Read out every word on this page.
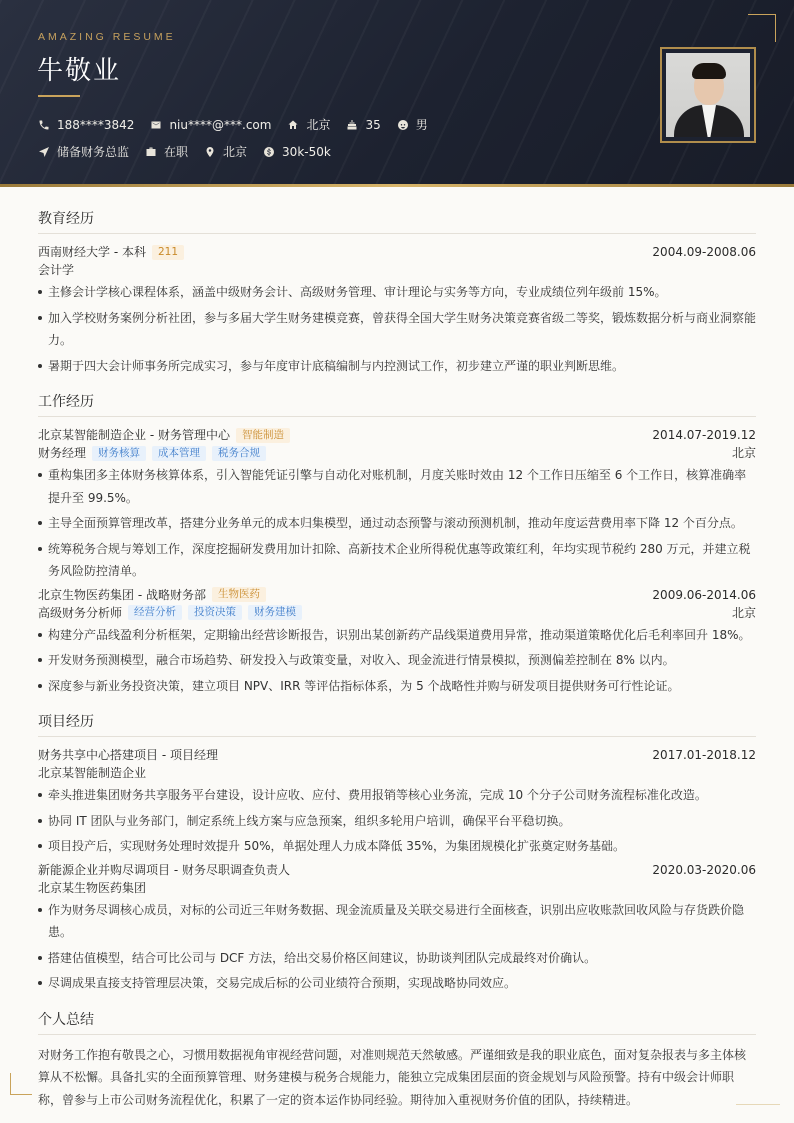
AMAZING RESUME
牛敬业
188****3842	niu****@***.com	北京	35	男
储备财务总监	在职	北京	30k-50k
教育经历
西南财经大学 - 本科	211	2004.09-2008.06
会计学
主修会计学核心课程体系，涵盖中级财务会计、高级财务管理、审计理论与实务等方向，专业成绩位列年级前 15%。
加入学校财务案例分析社团，参与多届大学生财务建模竞赛，曾获得全国大学生财务决策竞赛省级二等奖，锻炼数据分析与商业洞察能力。
暑期于四大会计师事务所完成实习，参与年度审计底稿编制与内控测试工作，初步建立严谨的职业判断思维。
工作经历
北京某智能制造企业 - 财务管理中心	智能制造	2014.07-2019.12
财务经理	财务核算	成本管理	税务合规	北京
重构集团多主体财务核算体系，引入智能凭证引擎与自动化对账机制，月度关账时效由 12 个工作日压缩至 6 个工作日，核算准确率提升至 99.5%。
主导全面预算管理改革，搭建分业务单元的成本归集模型，通过动态预警与滚动预测机制，推动年度运营费用率下降 12 个百分点。
统筹税务合规与筹划工作，深度挖掘研发费用加计扣除、高新技术企业所得税优惠等政策红利，年均实现节税约 280 万元，并建立税务风险防控清单。
北京生物医药集团 - 战略财务部	生物医药	2009.06-2014.06
高级财务分析师	经营分析	投资决策	财务建模	北京
构建分产品线盈利分析框架，定期输出经营诊断报告，识别出某创新药产品线渠道费用异常，推动渠道策略优化后毛利率回升 18%。
开发财务预测模型，融合市场趋势、研发投入与政策变量，对收入、现金流进行情景模拟，预测偏差控制在 8% 以内。
深度参与新业务投资决策，建立项目 NPV、IRR 等评估指标体系，为 5 个战略性并购与研发项目提供财务可行性论证。
项目经历
财务共享中心搭建项目 - 项目经理	2017.01-2018.12
北京某智能制造企业
牵头推进集团财务共享服务平台建设，设计应收、应付、费用报销等核心业务流，完成 10 个分子公司财务流程标准化改造。
协同 IT 团队与业务部门，制定系统上线方案与应急预案，组织多轮用户培训，确保平台平稳切换。
项目投产后，实现财务处理时效提升 50%，单据处理人力成本降低 35%，为集团规模化扩张奠定财务基础。
新能源企业并购尽调项目 - 财务尽职调查负责人	2020.03-2020.06
北京某生物医药集团
作为财务尽调核心成员，对标的公司近三年财务数据、现金流质量及关联交易进行全面核查，识别出应收账款回收风险与存货跌价隐患。
搭建估值模型，结合可比公司与 DCF 方法，给出交易价格区间建议，协助谈判团队完成最终对价确认。
尽调成果直接支持管理层决策，交易完成后标的公司业绩符合预期，实现战略协同效应。
个人总结
对财务工作抱有敬畏之心，习惯用数据视角审视经营问题，对准则规范天然敏感。严谨细致是我的职业底色，面对复杂报表与多主体核算从不松懈。具备扎实的全面预算管理、财务建模与税务合规能力，能独立完成集团层面的资金规划与风险预警。持有中级会计师职称，曾参与上市公司财务流程优化，积累了一定的资本运作协同经验。期待加入重视财务价值的团队，持续精进。
